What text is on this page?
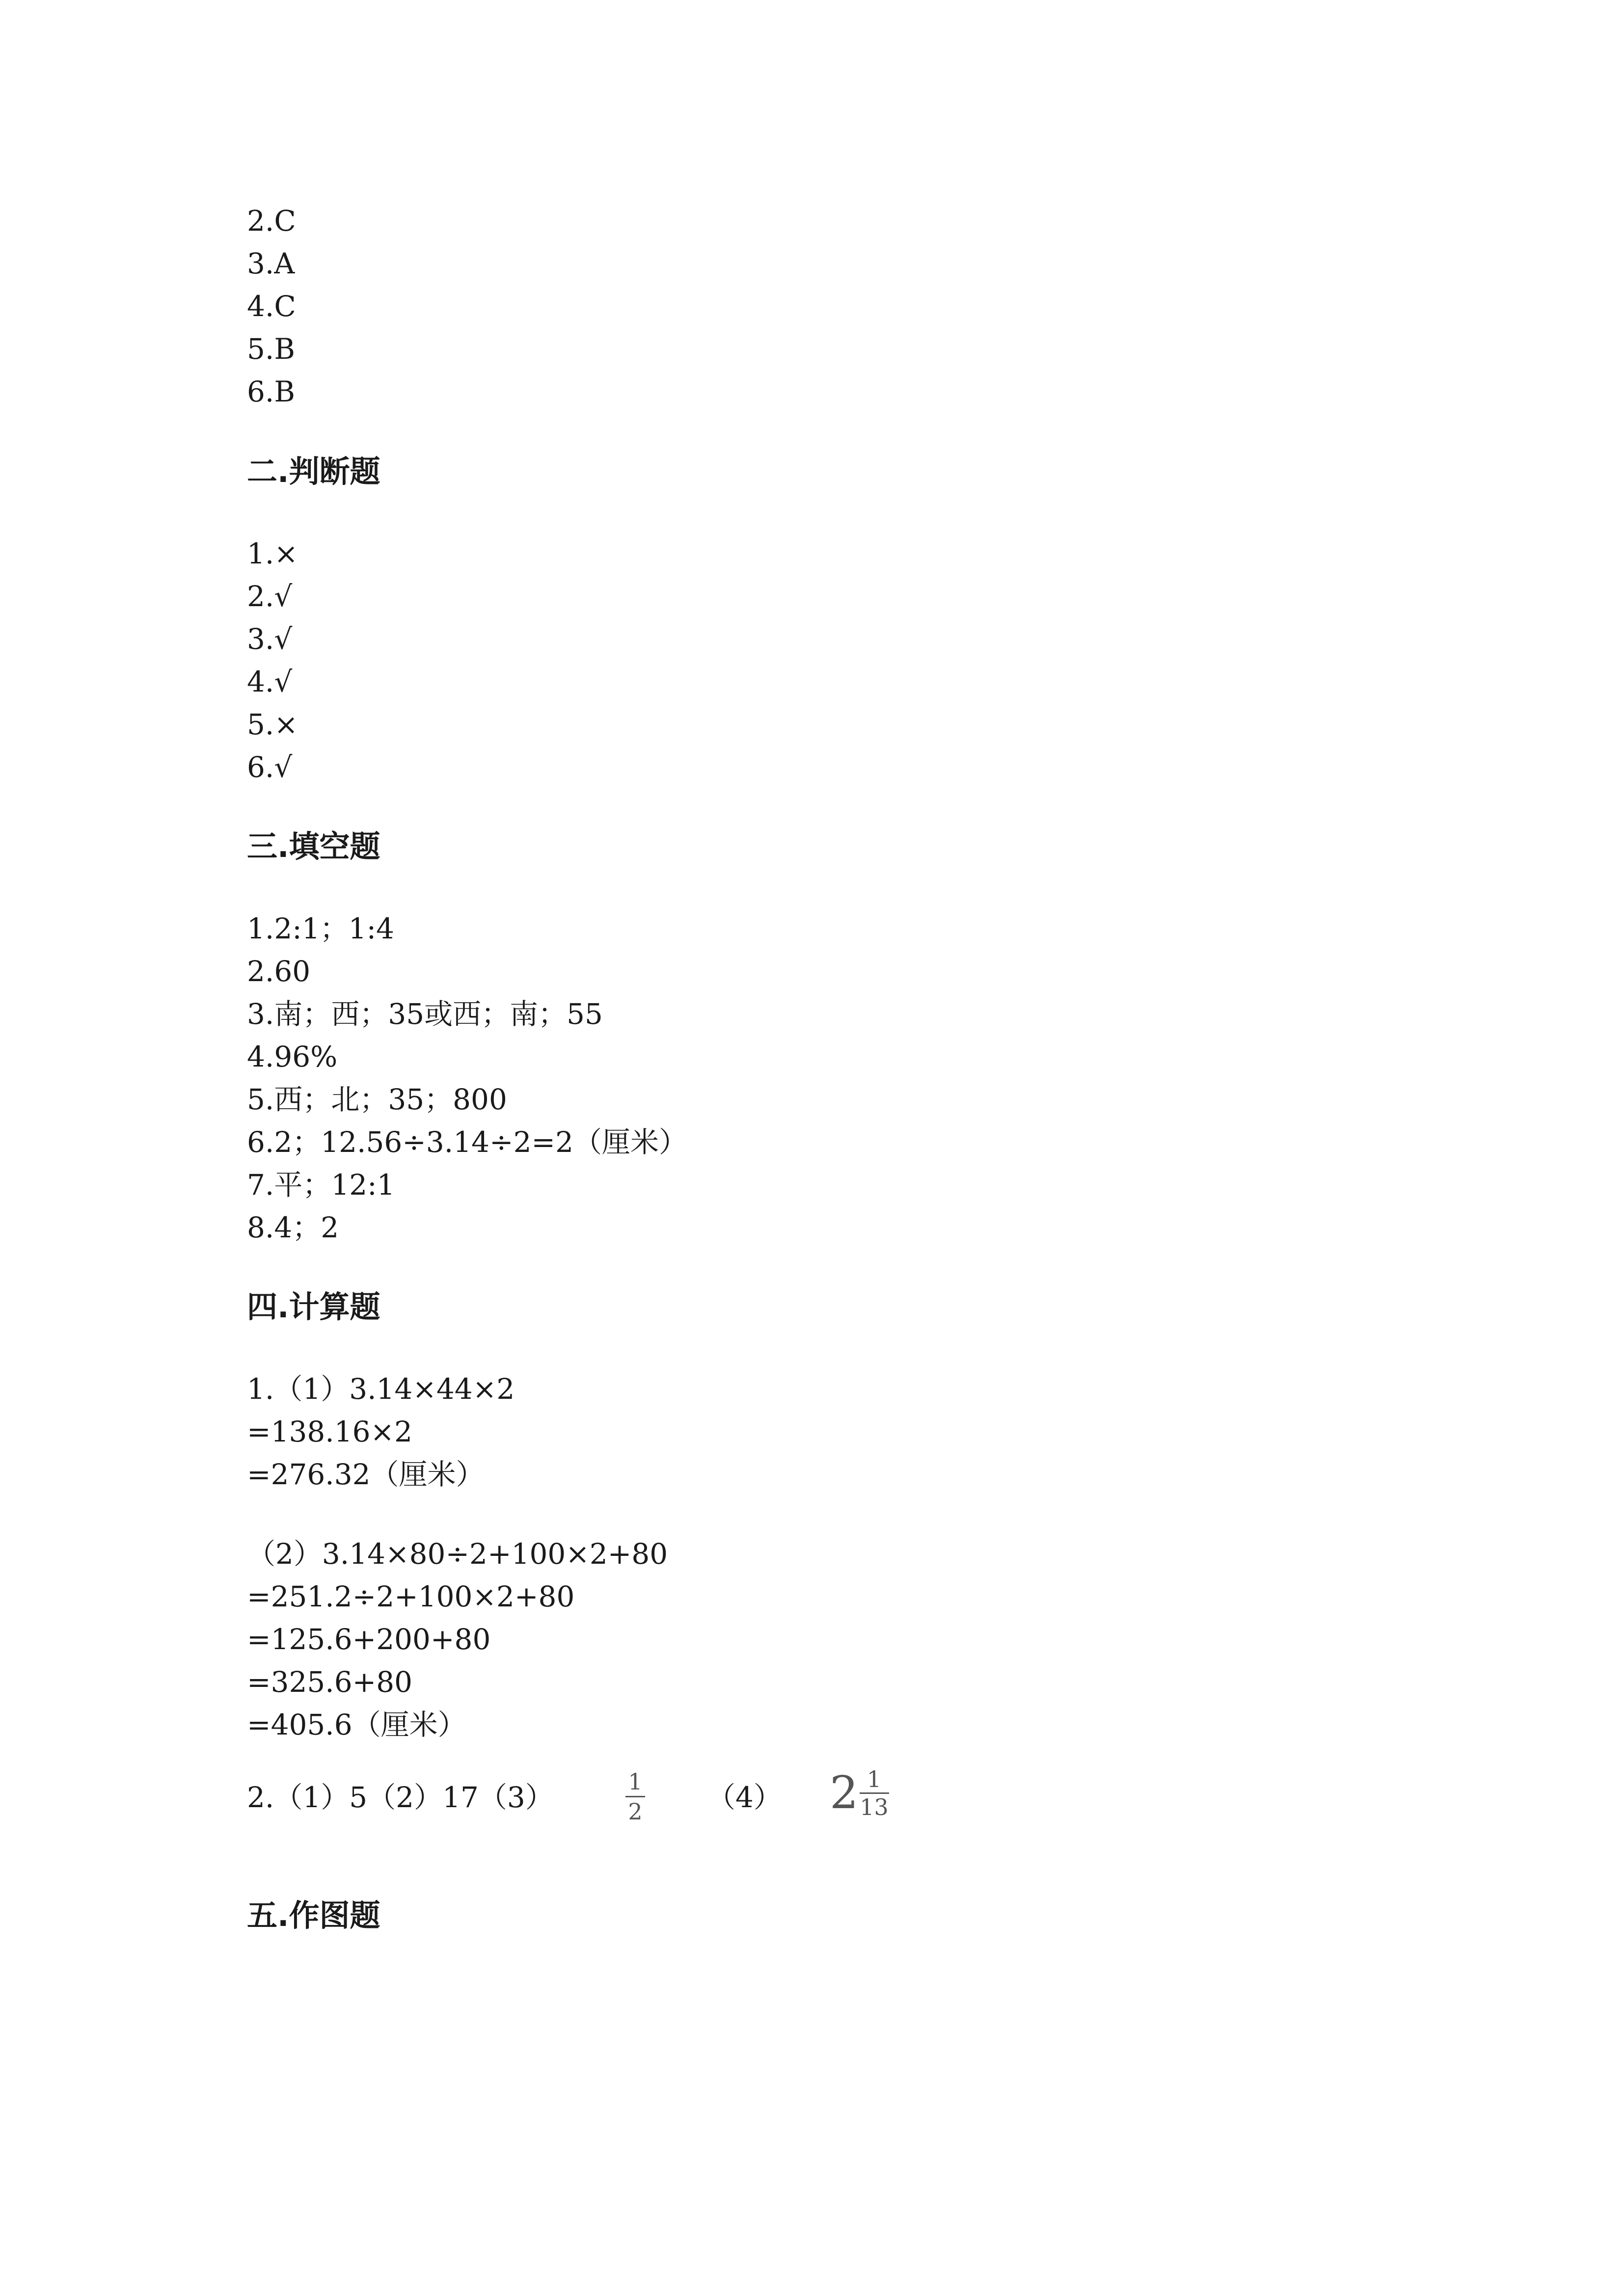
2.C
3.A
4.C
5.B
6.B
二.判断题
1.×
2.√
3.√
4.√
5.×
6.√
三.填空题
1.2:1；1:4
2.60
3.南；西；35或西；南；55
4.96%
5.西；北；35；800
6.2；12.56÷3.14÷2=2（厘米）
7.平；12:1
8.4；2
四.计算题
1.（1）3.14×44×2
=138.16×2
=276.32（厘米）
（2）3.14×80÷2+100×2+80
=251.2÷2+100×2+80
=125.6+200+80
=325.6+80
=405.6（厘米）
2.（1）5（2）17（3）	1
2 （4） 2 1
13
五.作图题
